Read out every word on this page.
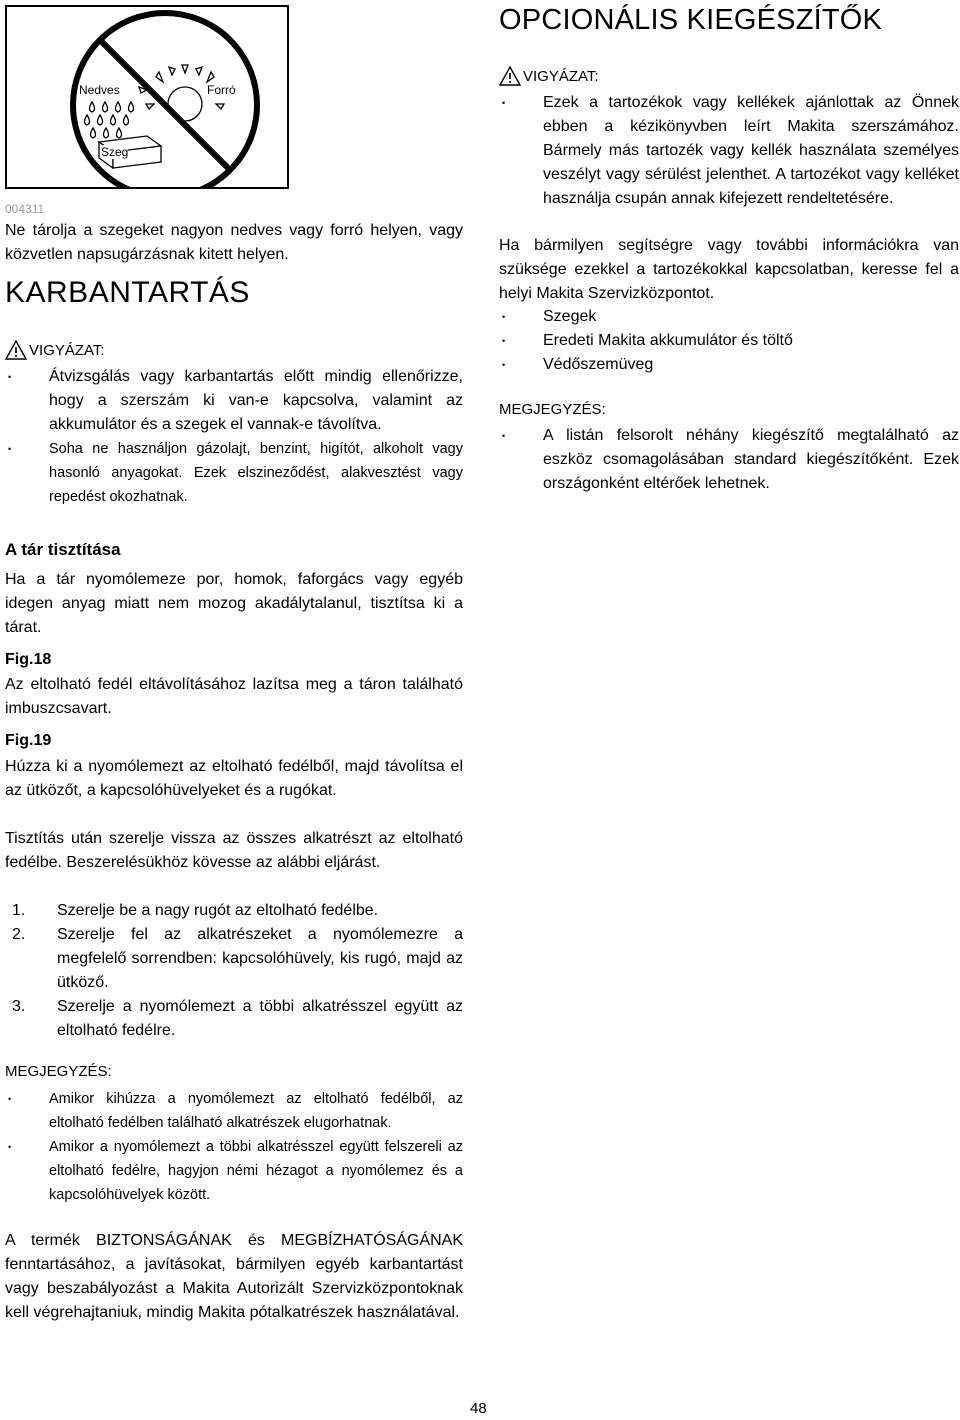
Nedves	Forró
Szeg
004311

Ne tárolja a szegeket nagyon nedves vagy forró helyen, vagy közvetlen napsugárzásnak kitett helyen.

KARBANTARTÁS
VIGYÁZAT:
• Átvizsgálás vagy karbantartás előtt mindig ellenőrizze, hogy a szerszám ki van-e kapcsolva, valamint az akkumulátor és a szegek el vannak-e távolítva.
• Soha ne használjon gázolajt, benzint, higítót, alkoholt vagy hasonló anyagokat. Ezek elszineződést, alakvesztést vagy repedést okozhatnak.
A tár tisztítása

Ha a tár nyomólemeze por, homok, faforgács vagy egyéb idegen anyag miatt nem mozog akadálytalanul, tisztítsa ki a tárat.

Fig.18

Az eltolható fedél eltávolításához lazítsa meg a táron található imbuszcsavart.

Fig.19

Húzza ki a nyomólemezt az eltolható fedélből, majd távolítsa el az ütközőt, a kapcsolóhüvelyeket és a rugókat.

Tisztítás után szerelje vissza az összes alkatrészt az eltolható fedélbe. Beszerelésükhöz kövesse az alábbi eljárást.

1. Szerelje be a nagy rugót az eltolható fedélbe.
2. Szerelje fel az alkatrészeket a nyomólemezre a megfelelő sorrendben: kapcsolóhüvely, kis rugó, majd az ütköző.
3. Szerelje a nyomólemezt a többi alkatrésszel együtt az eltolható fedélre.

MEGJEGYZÉS:

• Amikor kihúzza a nyomólemezt az eltolható fedélből, az eltolható fedélben található alkatrészek elugorhatnak.
• Amikor a nyomólemezt a többi alkatrésszel együtt felszereli az eltolható fedélre, hagyjon némi hézagot a nyomólemez és a kapcsolóhüvelyek között.

A termék BIZTONSÁGÁNAK és MEGBÍZHATÓSÁGÁNAK fenntartásához, a javításokat, bármilyen egyéb karbantartást vagy beszabályozást a Makita Autorizált Szervizközpontoknak kell végrehajtaniuk, mindig Makita pótalkatrészek használatával.

OPCIONÁLIS KIEGÉSZÍTŐK
VIGYÁZAT:
• Ezek a tartozékok vagy kellékek ajánlottak az Önnek ebben a kézikönyvben leírt Makita szerszámához. Bármely más tartozék vagy kellék használata személyes veszélyt vagy sérülést jelenthet. A tartozékot vagy kelléket használja csupán annak kifejezett rendeltetésére.

Ha bármilyen segítségre vagy további információkra van szüksége ezekkel a tartozékokkal kapcsolatban, keresse fel a helyi Makita Szervizközpontot.

• Szegek
• Eredeti Makita akkumulátor és töltő
• Védőszemüveg

MEGJEGYZÉS:

• A listán felsorolt néhány kiegészítő megtalálható az eszköz csomagolásában standard kiegészítőként. Ezek országonként eltérőek lehetnek.
48
